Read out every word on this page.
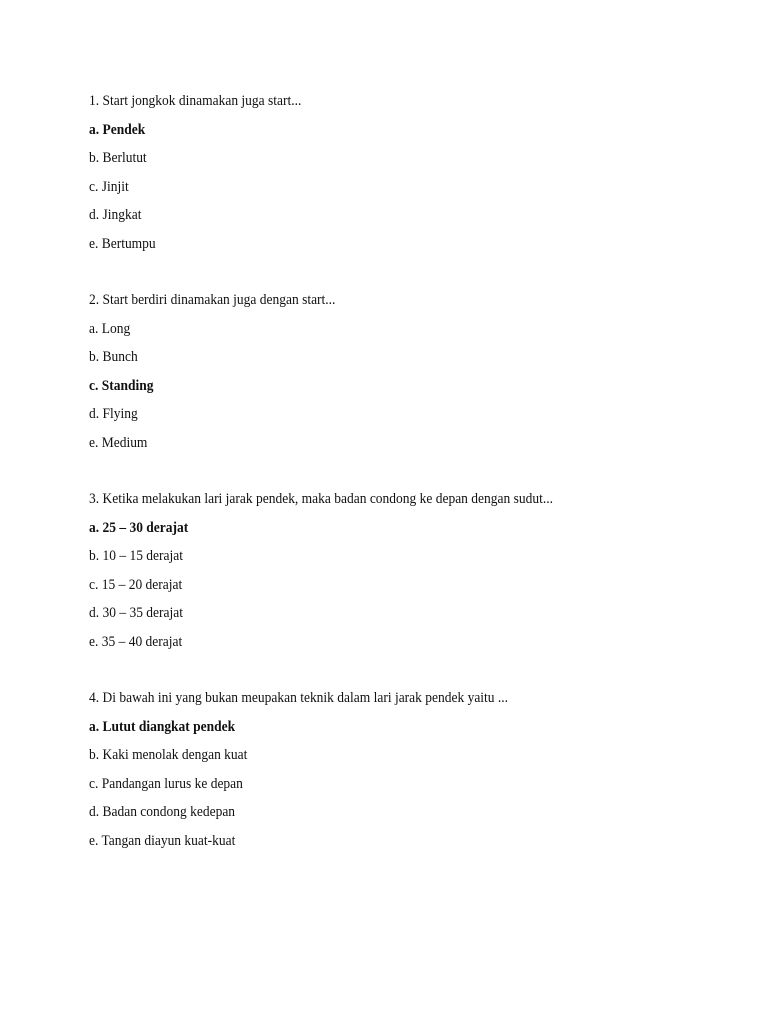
1. Start jongkok dinamakan juga start...
a. Pendek
b. Berlutut
c. Jinjit
d. Jingkat
e. Bertumpu
2. Start berdiri dinamakan juga dengan start...
a. Long
b. Bunch
c. Standing
d. Flying
e. Medium
3. Ketika melakukan lari jarak pendek, maka badan condong ke depan dengan sudut...
a. 25 – 30 derajat
b. 10 – 15 derajat
c. 15 – 20 derajat
d. 30 – 35 derajat
e. 35 – 40 derajat
4. Di bawah ini yang bukan meupakan teknik dalam lari jarak pendek yaitu ...
a. Lutut diangkat pendek
b. Kaki menolak dengan kuat
c. Pandangan lurus ke depan
d. Badan condong kedepan
e. Tangan diayun kuat-kuat
